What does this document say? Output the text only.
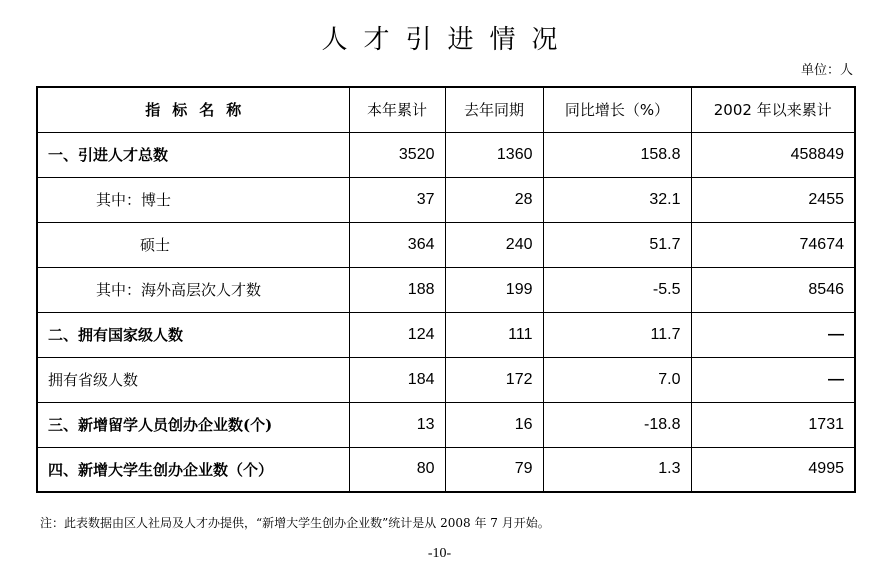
人才引进情况
单位：人
指标名称	本年累计	去年同期	同比增长（%）	2002 年以来累计
一、引进人才总数	3520	1360	158.8	458849
其中：博士	37	28	32.1	2455
硕士	364	240	51.7	74674
其中：海外高层次人才数	188	199	-5.5	8546
二、拥有国家级人数	124	111	11.7	—
拥有省级人数	184	172	7.0	—
三、新增留学人员创办企业数(个)	13	16	-18.8	1731
四、新增大学生创办企业数（个）	80	79	1.3	4995
注：此表数据由区人社局及人才办提供，“新增大学生创办企业数”统计是从 2008 年 7 月开始。
-10-
